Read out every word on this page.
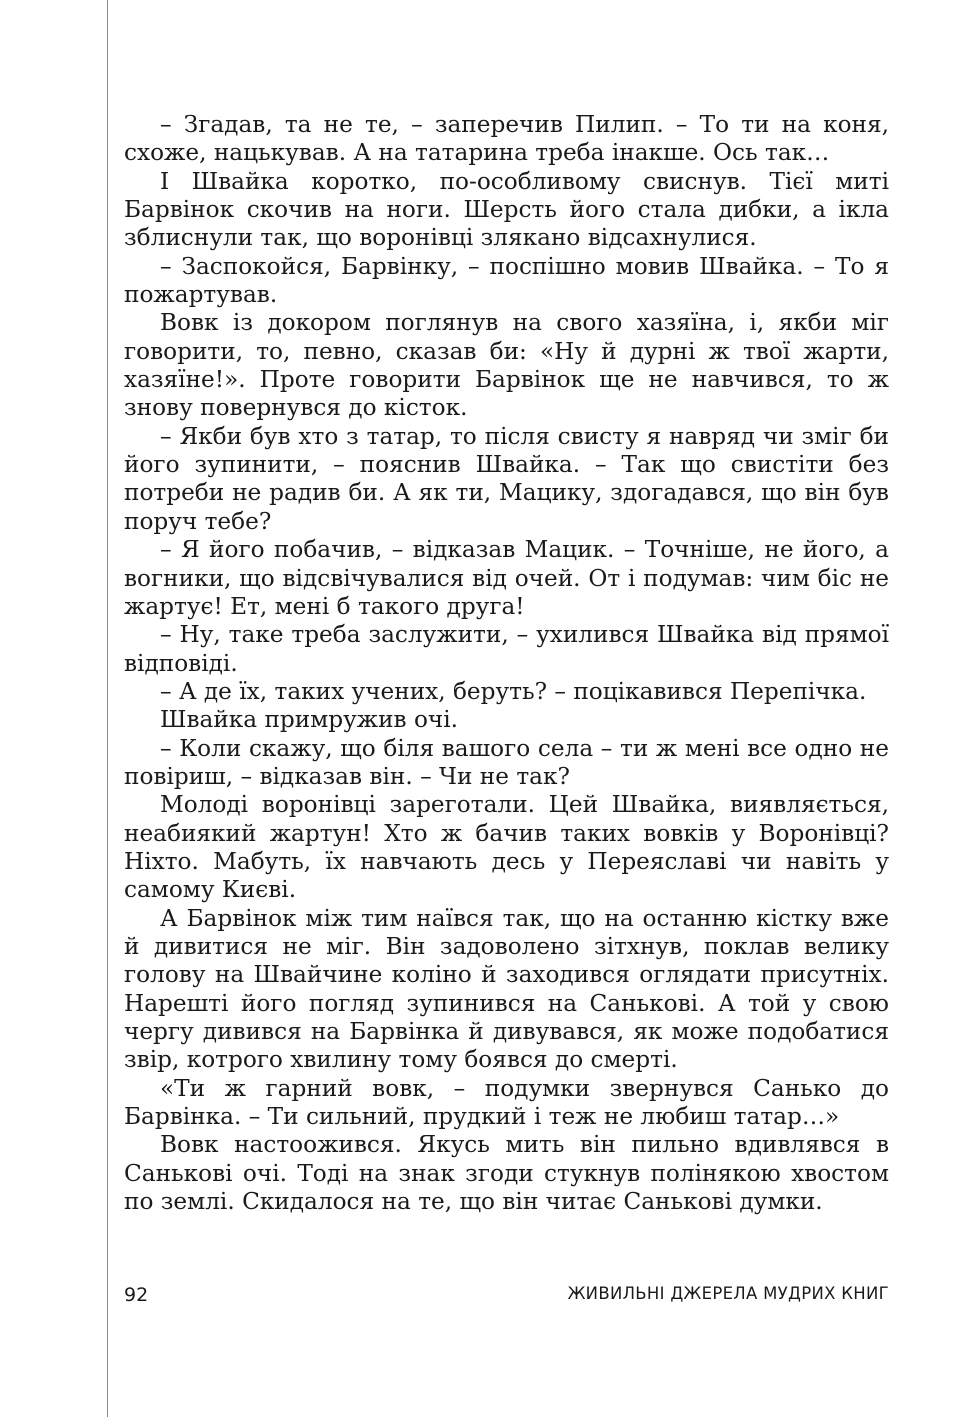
– Згадав, та не те, – заперечив Пилип. – То ти на коня, схоже, нацькував. А на татарина треба інакше. Ось так…

І Швайка коротко, по-особливому свиснув. Тієї миті Барвінок скочив на ноги. Шерсть його стала дибки, а ікла зблиснули так, що воронівці злякано відсахнулися.

– Заспокойся, Барвінку, – поспішно мовив Швайка. – То я пожартував.

Вовк із докором поглянув на свого хазяїна, і, якби міг говорити, то, певно, сказав би: «Ну й дурні ж твої жарти, хазяїне!». Проте говорити Барвінок ще не навчився, то ж знову повернувся до кісток.

– Якби був хто з татар, то після свисту я навряд чи зміг би його зупинити, – пояснив Швайка. – Так що свистіти без потреби не радив би. А як ти, Мацику, здогадався, що він був поруч тебе?

– Я його побачив, – відказав Мацик. – Точніше, не його, а вогники, що відсвічувалися від очей. От і подумав: чим біс не жартує! Ет, мені б такого друга!

– Ну, таке треба заслужити, – ухилився Швайка від прямої відповіді.

– А де їх, таких учених, беруть? – поцікавився Перепічка.

Швайка примружив очі.

– Коли скажу, що біля вашого села – ти ж мені все одно не повіриш, – відказав він. – Чи не так?

Молоді воронівці зареготали. Цей Швайка, виявляється, неабиякий жартун! Хто ж бачив таких вовків у Воронівці? Ніхто. Мабуть, їх навчають десь у Переяславі чи навіть у самому Києві.

А Барвінок між тим наївся так, що на останню кістку вже й дивитися не міг. Він задоволено зітхнув, поклав велику голову на Швайчине коліно й заходився оглядати присутніх. Нарешті його погляд зупинився на Санькові. А той у свою чергу дивився на Барвінка й дивувався, як може подобатися звір, котрого хвилину тому боявся до смерті.

«Ти ж гарний вовк, – подумки звернувся Санько до Барвінка. – Ти сильний, прудкий і теж не любиш татар…»

Вовк настоожився. Якусь мить він пильно вдивлявся в Санькові очі. Тоді на знак згоди стукнув полінякою хвостом по землі. Скидалося на те, що він читає Санькові думки.

92	ЖИВИЛЬНІ ДЖЕРЕЛА МУДРИХ КНИГ
